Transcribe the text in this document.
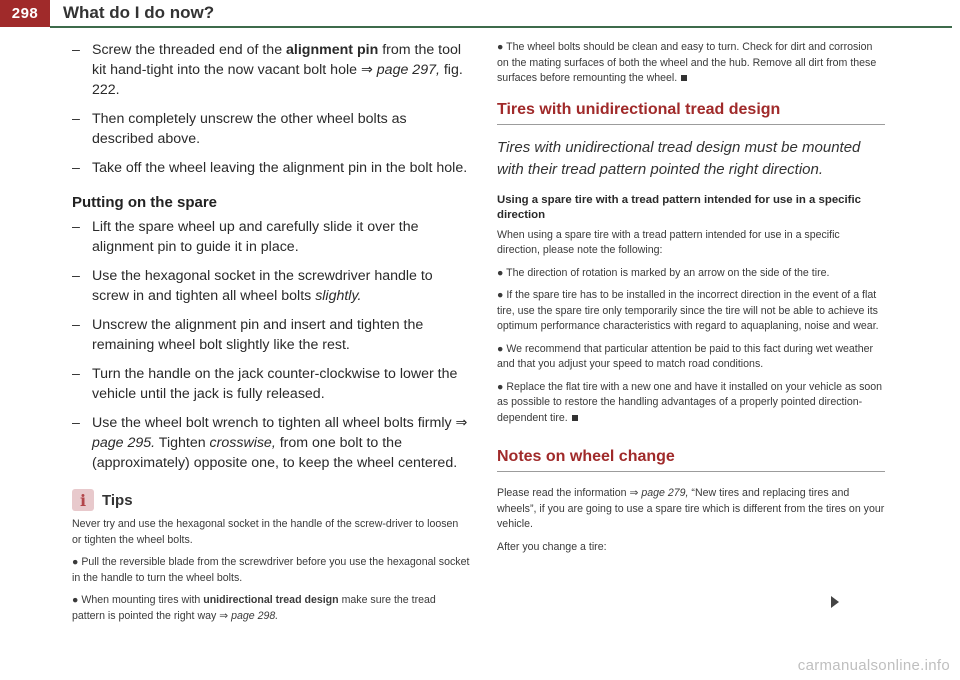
298	What do I do now?
– Screw the threaded end of the alignment pin from the tool kit hand-tight into the now vacant bolt hole ⇒ page 297, fig. 222.
– Then completely unscrew the other wheel bolts as described above.
– Take off the wheel leaving the alignment pin in the bolt hole.
Putting on the spare
– Lift the spare wheel up and carefully slide it over the alignment pin to guide it in place.
– Use the hexagonal socket in the screwdriver handle to screw in and tighten all wheel bolts slightly.
– Unscrew the alignment pin and insert and tighten the remaining wheel bolt slightly like the rest.
– Turn the handle on the jack counter-clockwise to lower the vehicle until the jack is fully released.
– Use the wheel bolt wrench to tighten all wheel bolts firmly ⇒ page 295. Tighten crosswise, from one bolt to the (approximately) opposite one, to keep the wheel centered.
i	Tips
Never try and use the hexagonal socket in the handle of the screw-driver to loosen or tighten the wheel bolts.
● Pull the reversible blade from the screwdriver before you use the hexagonal socket in the handle to turn the wheel bolts.
● When mounting tires with unidirectional tread design make sure the tread pattern is pointed the right way ⇒ page 298.
● The wheel bolts should be clean and easy to turn. Check for dirt and corrosion on the mating surfaces of both the wheel and the hub. Remove all dirt from these surfaces before remounting the wheel.
Tires with unidirectional tread design
Tires with unidirectional tread design must be mounted with their tread pattern pointed the right direction.
Using a spare tire with a tread pattern intended for use in a specific direction
When using a spare tire with a tread pattern intended for use in a specific direction, please note the following:
● The direction of rotation is marked by an arrow on the side of the tire.
● If the spare tire has to be installed in the incorrect direction in the event of a flat tire, use the spare tire only temporarily since the tire will not be able to achieve its optimum performance characteristics with regard to aquaplaning, noise and wear.
● We recommend that particular attention be paid to this fact during wet weather and that you adjust your speed to match road conditions.
● Replace the flat tire with a new one and have it installed on your vehicle as soon as possible to restore the handling advantages of a properly pointed direction-dependent tire.
Notes on wheel change
Please read the information ⇒ page 279, “New tires and replacing tires and wheels”, if you are going to use a spare tire which is different from the tires on your vehicle.
After you change a tire:
carmanualsonline.info
